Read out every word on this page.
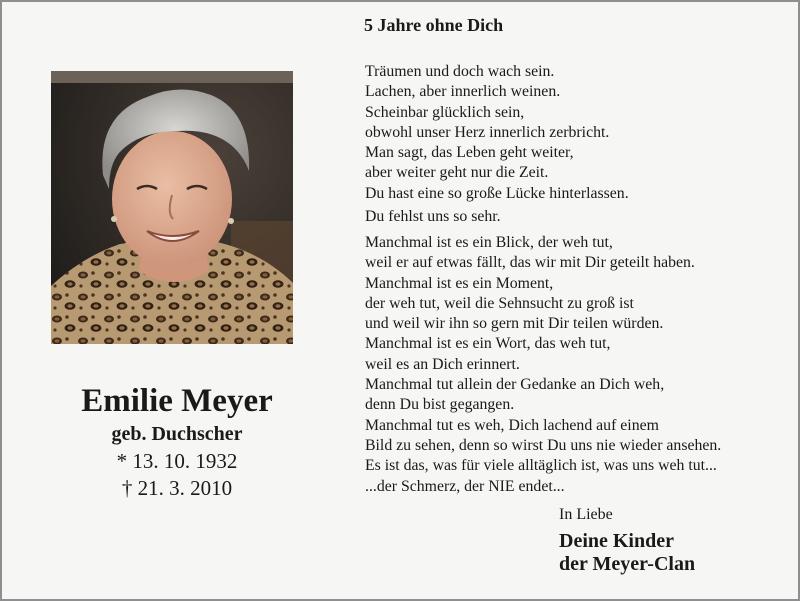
Emilie Meyer
geb. Duchscher
* 13. 10. 1932
† 21. 3. 2010
5 Jahre ohne Dich
Träumen und doch wach sein.
Lachen, aber innerlich weinen.
Scheinbar glücklich sein,
obwohl unser Herz innerlich zerbricht.
Man sagt, das Leben geht weiter,
aber weiter geht nur die Zeit.
Du hast eine so große Lücke hinterlassen.
Du fehlst uns so sehr.
Manchmal ist es ein Blick, der weh tut,
weil er auf etwas fällt, das wir mit Dir geteilt haben.
Manchmal ist es ein Moment,
der weh tut, weil die Sehnsucht zu groß ist
und weil wir ihn so gern mit Dir teilen würden.
Manchmal ist es ein Wort, das weh tut,
weil es an Dich erinnert.
Manchmal tut allein der Gedanke an Dich weh,
denn Du bist gegangen.
Manchmal tut es weh, Dich lachend auf einem
Bild zu sehen, denn so wirst Du uns nie wieder ansehen.
Es ist das, was für viele alltäglich ist, was uns weh tut...
...der Schmerz, der NIE endet...
In Liebe
Deine Kinder
der Meyer-Clan
